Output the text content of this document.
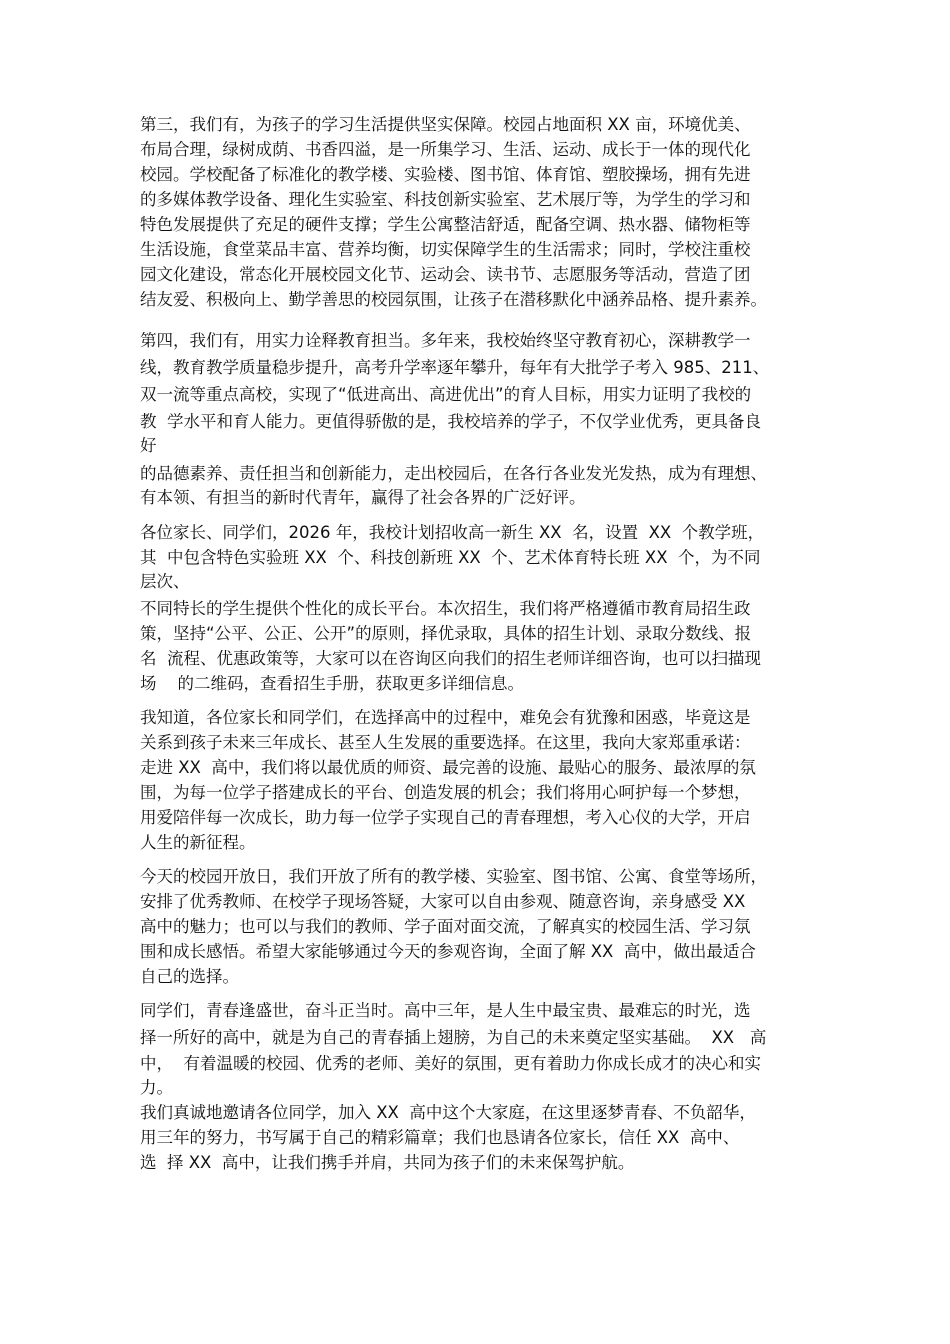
第三，我们有，为孩子的学习生活提供坚实保障。校园占地面积 XX 亩，环境优美、
布局合理，绿树成荫、书香四溢，是一所集学习、生活、运动、成长于一体的现代化
校园。学校配备了标准化的教学楼、实验楼、图书馆、体育馆、塑胶操场，拥有先进
的多媒体教学设备、理化生实验室、科技创新实验室、艺术展厅等，为学生的学习和
特色发展提供了充足的硬件支撑；学生公寓整洁舒适，配备空调、热水器、储物柜等
生活设施，食堂菜品丰富、营养均衡，切实保障学生的生活需求；同时，学校注重校
园文化建设，常态化开展校园文化节、运动会、读书节、志愿服务等活动，营造了团
结友爱、积极向上、勤学善思的校园氛围，让孩子在潜移默化中涵养品格、提升素养。
第四，我们有，用实力诠释教育担当。多年来，我校始终坚守教育初心，深耕教学一
线，教育教学质量稳步提升，高考升学率逐年攀升，每年有大批学子考入 985、211、
双一流等重点高校，实现了“低进高出、高进优出”的育人目标，用实力证明了我校的
教  学水平和育人能力。更值得骄傲的是，我校培养的学子，不仅学业优秀，更具备良
好
的品德素养、责任担当和创新能力，走出校园后，在各行各业发光发热，成为有理想、
有本领、有担当的新时代青年，赢得了社会各界的广泛好评。
各位家长、同学们，2026 年，我校计划招收高一新生 XX  名，设置  XX  个教学班，
其  中包含特色实验班 XX  个、科技创新班 XX  个、艺术体育特长班 XX  个，为不同
层次、
不同特长的学生提供个性化的成长平台。本次招生，我们将严格遵循市教育局招生政
策，坚持“公平、公正、公开”的原则，择优录取，具体的招生计划、录取分数线、报
名  流程、优惠政策等，大家可以在咨询区向我们的招生老师详细咨询，也可以扫描现
场    的二维码，查看招生手册，获取更多详细信息。
我知道，各位家长和同学们，在选择高中的过程中，难免会有犹豫和困惑，毕竟这是
关系到孩子未来三年成长、甚至人生发展的重要选择。在这里，我向大家郑重承诺：
走进 XX  高中，我们将以最优质的师资、最完善的设施、最贴心的服务、最浓厚的氛
围，为每一位学子搭建成长的平台、创造发展的机会；我们将用心呵护每一个梦想，
用爱陪伴每一次成长，助力每一位学子实现自己的青春理想，考入心仪的大学，开启
人生的新征程。
今天的校园开放日，我们开放了所有的教学楼、实验室、图书馆、公寓、食堂等场所，
安排了优秀教师、在校学子现场答疑，大家可以自由参观、随意咨询，亲身感受 XX
高中的魅力；也可以与我们的教师、学子面对面交流，了解真实的校园生活、学习氛
围和成长感悟。希望大家能够通过今天的参观咨询，全面了解 XX  高中，做出最适合
自己的选择。
同学们，青春逢盛世，奋斗正当时。高中三年，是人生中最宝贵、最难忘的时光，选
择一所好的高中，就是为自己的青春插上翅膀，为自己的未来奠定坚实基础。  XX   高
中，  有着温暖的校园、优秀的老师、美好的氛围，更有着助力你成长成才的决心和实
力。
我们真诚地邀请各位同学，加入 XX  高中这个大家庭，在这里逐梦青春、不负韶华，
用三年的努力，书写属于自己的精彩篇章；我们也恳请各位家长，信任 XX  高中、
选  择 XX  高中，让我们携手并肩，共同为孩子们的未来保驾护航。
